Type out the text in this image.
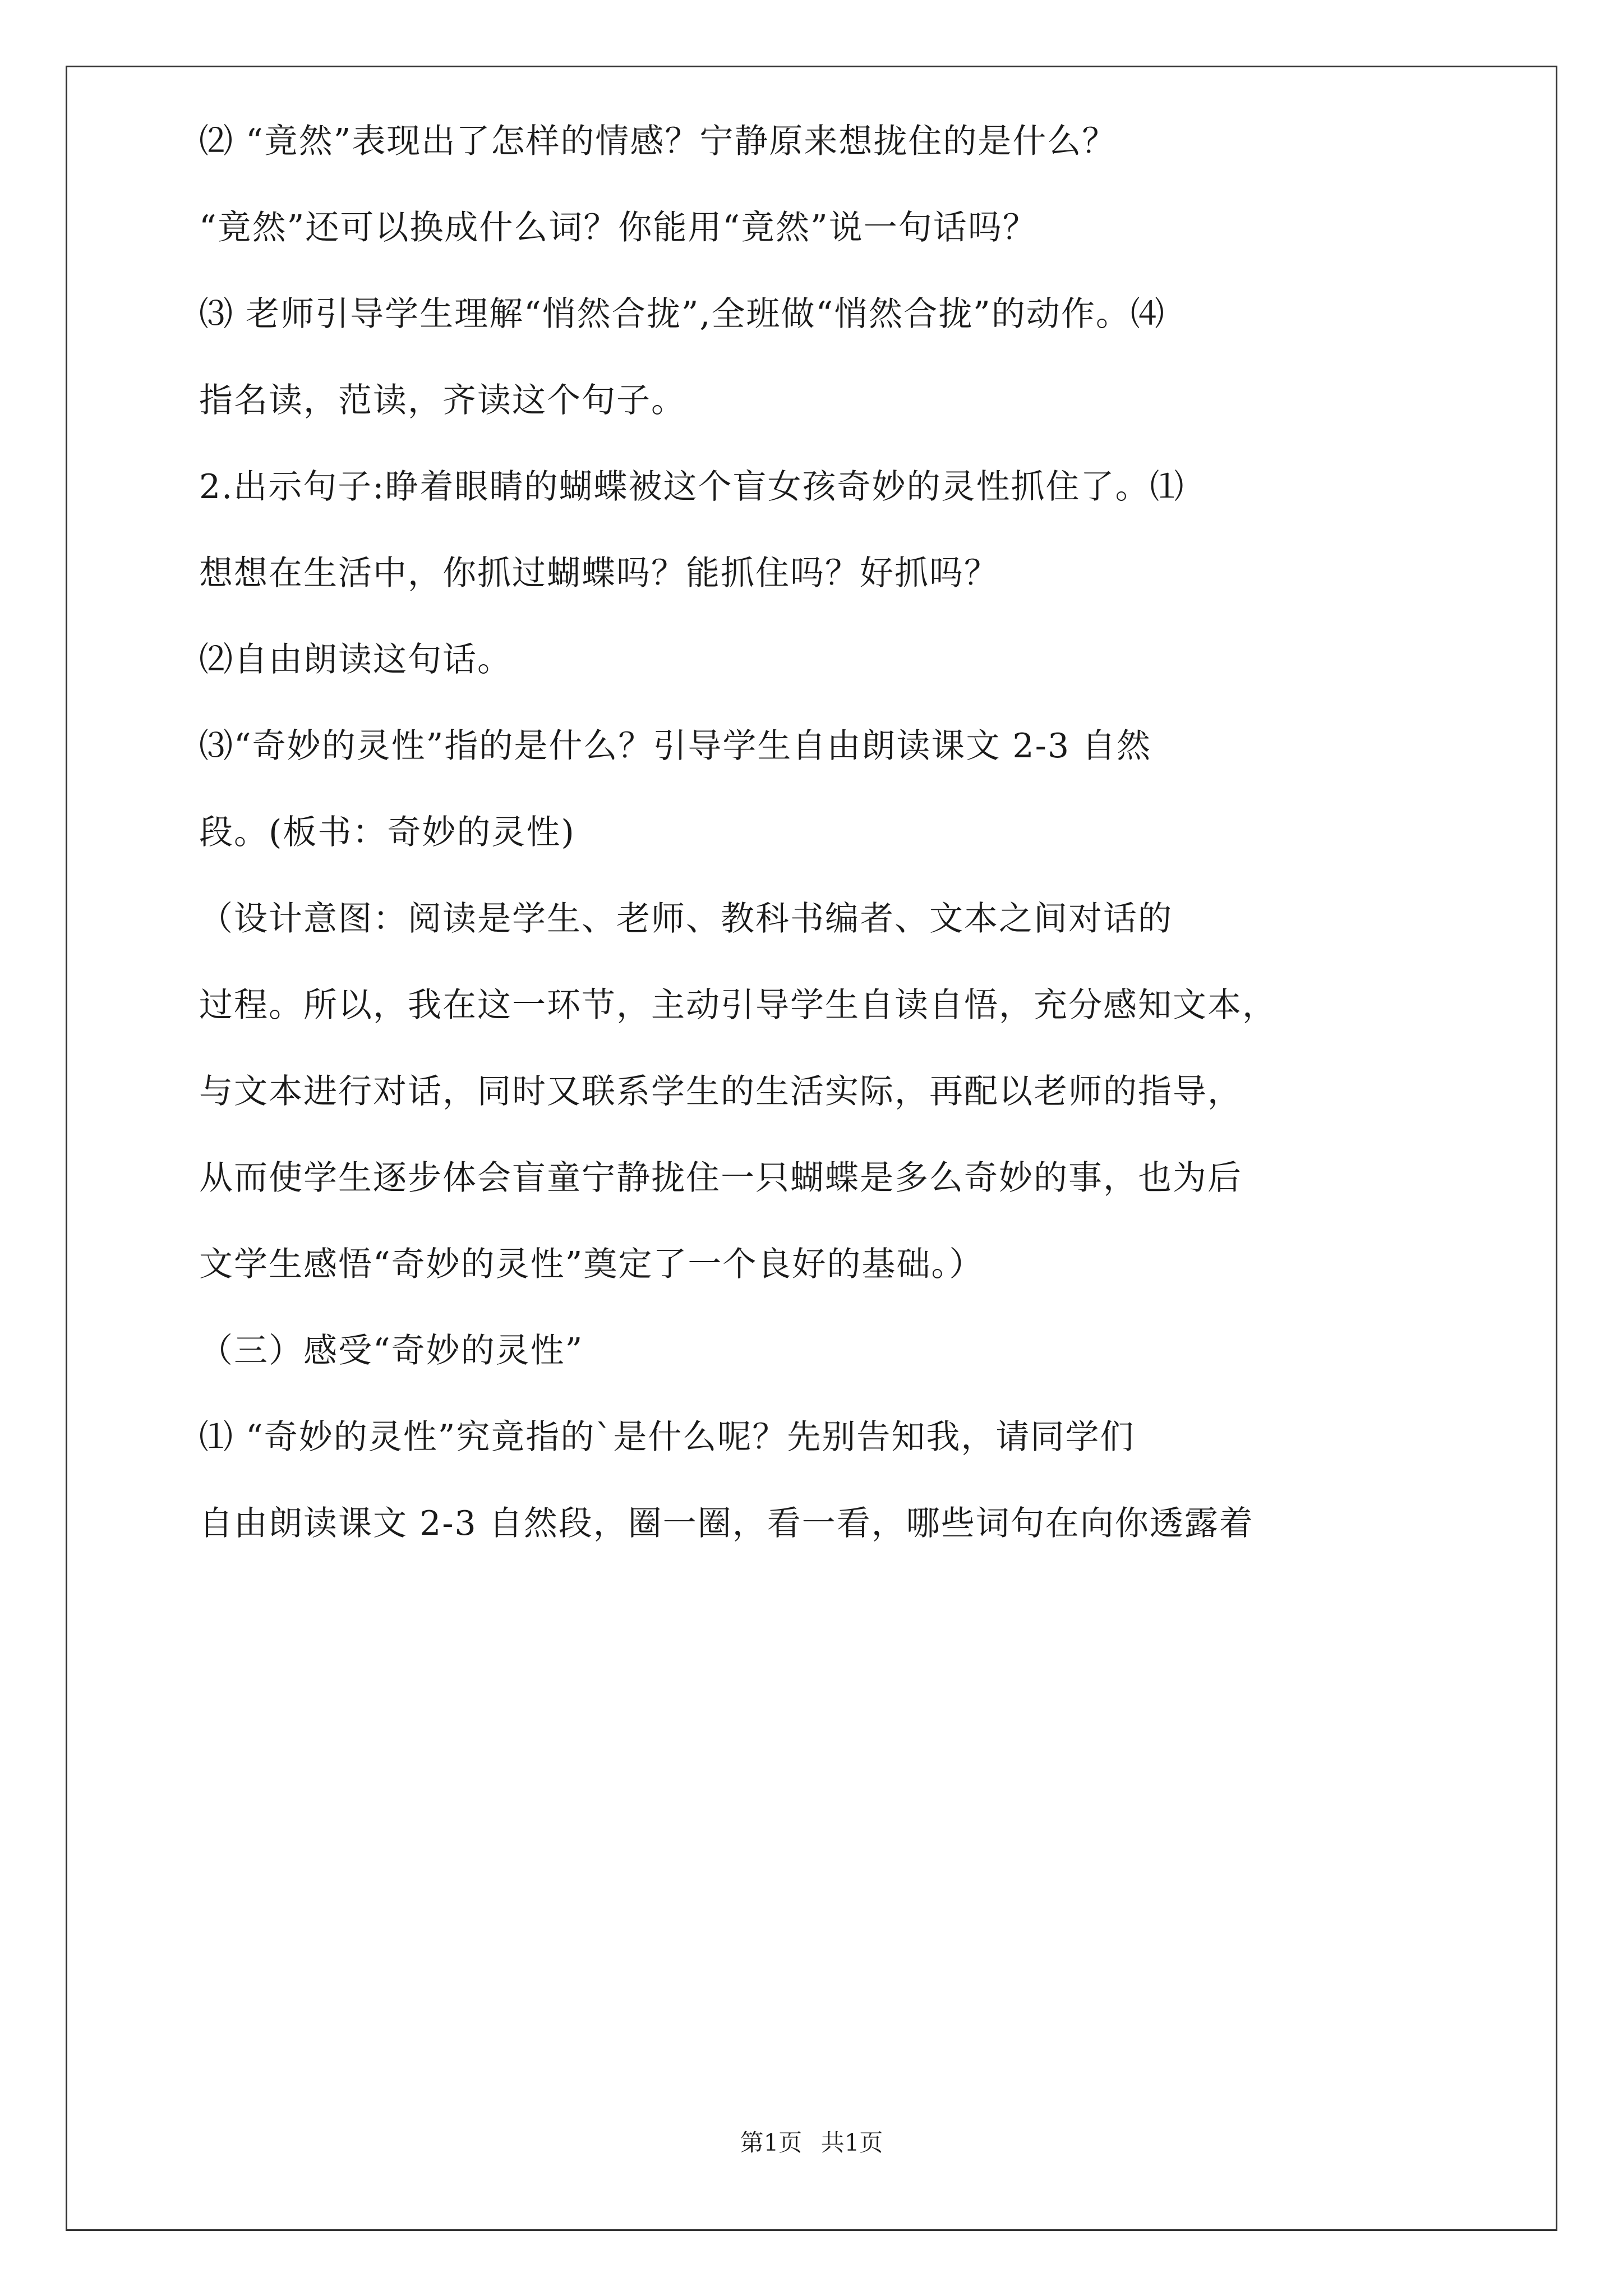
⑵ “竟然”表现出了怎样的情感？宁静原来想拢住的是什么？

“竟然”还可以换成什么词？你能用“竟然”说一句话吗？

⑶ 老师引导学生理解“悄然合拢”,全班做“悄然合拢”的动作。⑷

指名读，范读，齐读这个句子。

2.出示句子:睁着眼睛的蝴蝶被这个盲女孩奇妙的灵性抓住了。⑴

想想在生活中，你抓过蝴蝶吗？能抓住吗？好抓吗？

⑵自由朗读这句话。

⑶“奇妙的灵性”指的是什么？引导学生自由朗读课文 2-3 自然

段。(板书：奇妙的灵性)

（设计意图：阅读是学生、老师、教科书编者、文本之间对话的

过程。所以，我在这一环节，主动引导学生自读自悟，充分感知文本，

与文本进行对话，同时又联系学生的生活实际，再配以老师的指导，

从而使学生逐步体会盲童宁静拢住一只蝴蝶是多么奇妙的事，也为后

文学生感悟“奇妙的灵性”奠定了一个良好的基础。）

（三）感受“奇妙的灵性”

⑴ “奇妙的灵性”究竟指的`是什么呢？先别告知我，请同学们

自由朗读课文 2-3 自然段，圈一圈，看一看，哪些词句在向你透露着

第1页 共1页
